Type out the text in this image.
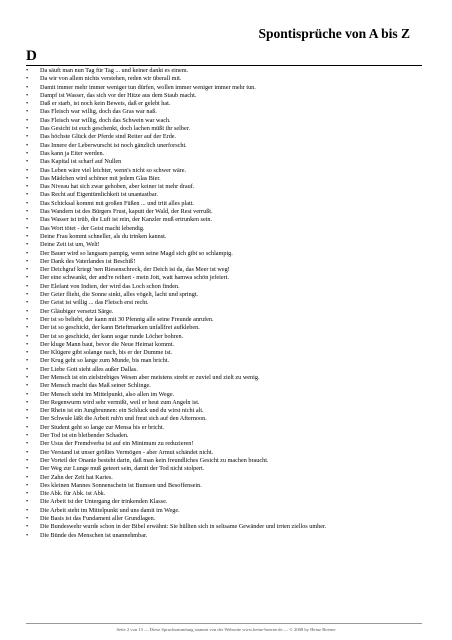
Spontisprüche von A bis Z
D
• Da säuft man nun Tag für Tag ... und keiner dankt es einem.
• Da wir von allem nichts verstehen, reden wir überall mit.
• Damit immer mehr immer weniger tun dürfen, wollen immer weniger immer mehr tun.
• Dampf ist Wasser, das sich vor der Hitze aus dem Staub macht.
• Daß er starb, ist noch kein Beweis, daß er gelebt hat.
• Das Fleisch war willig, doch das Gras war naß.
• Das Fleisch war willig, doch das Schwein war wach.
• Das Gesicht ist euch geschenkt, doch lachen müßt ihr selber.
• Das höchste Glück der Pferde sind Reiter auf der Erde.
• Das Innere der Leberwurscht ist noch gänzlich unerforscht.
• Das kann ja Eiter werden.
• Das Kapital ist scharf auf Nullen
• Das Leben wäre viel leichter, wenn's nicht so schwer wäre.
• Das Mädchen wird schöner mit jedem Glas Bier.
• Das Niveau hat sich zwar gehoben, aber keiner ist mehr drauf.
• Das Recht auf Eigentümlichkeit ist unantastbar.
• Das Schicksal kommt mit großen Füßen ... und tritt alles platt.
• Das Wandern ist des Bürgers Frust, kaputt der Wald, der Rest verrußt.
• Das Wasser ist trüb, die Luft ist rein, der Kanzler muß ertrunken sein.
• Das Wort tötet - der Geist macht lebendig.
• Deine Frau kommt schneller, als du trinken kannst.
• Deine Zeit ist um, Welt!
• Der Bauer wird so langsam pampig, wenn seine Magd sich gibt so schlampig.
• Der Dank des Vaterlandes ist Beschiß!
• Der Deichgraf kriegt 'nen Riesenschreck, der Deich ist da, das Meer ist weg!
• Der eine schwankt, der and're reihert - mein Jott, watt hamwa schön jefeiert.
• Der Elefant von Indien, der wird das Loch schon finden.
• Der Geier flieht, die Sonne sinkt, alles vögelt, lacht und springt.
• Der Geist ist willig ... das Fleisch erst recht.
• Der Gläubiger versetzt Särge.
• Der ist so beliebt, der kann mit 30 Pfennig alle seine Freunde anrufen.
• Der ist so geschickt, der kann Brieftmarken unfallfrei aufkleben.
• Der ist so geschickt, der kann sogar runde Löcher bohren.
• Der kluge Mann baut, bevor die Neue Heimat kommt.
• Der Klügere gibt solange nach, bis er der Dumme ist.
• Der Krug geht so lange zum Munde, bis man bricht.
• Der Liebe Gott sieht alles außer Dallas.
• Der Mensch ist ein zielstrebiges Wesen aber meistens strebt er zuviel und zielt zu wenig.
• Der Mensch macht das Maß seiner Schlinge.
• Der Mensch steht im Mittelpunkt, also allen im Wege.
• Der Regenwurm wird sehr vermißt, weil er heut zum Angeln ist.
• Der Rhein ist ein Jungbrunnen: ein Schluck und du wirst nicht alt.
• Der Schwule läßt die Arbeit ruh'n und freut sich auf den Afternoon.
• Der Student geht so lange zur Mensa bis er bricht.
• Der Tod ist ein bleibender Schaden.
• Der Usus der Fremdverba ist auf ein Minimum zu reduzieren!
• Der Verstand ist unser größtes Vermögen - aber Armut schändet nicht.
• Der Vorteil der Onanie besteht darin, daß man kein freundliches Gesicht zu machen braucht.
• Der Weg zur Lunge muß geteert sein, damit der Tod nicht stolpert.
• Der Zahn der Zeit hat Karies.
• Des kleinen Mannes Sonnenschein ist Bumsen und Besoffensein.
• Die Abk. für Abk. ist Abk.
• Die Arbeit ist der Untergang der trinkenden Klasse.
• Die Arbeit steht im Mittelpunkt und uns damit im Wege.
• Die Basis ist das Fundament aller Grundlagen.
• Die Bundeswehr wurde schon in der Bibel erwähnt: Sie hüllten sich in seltsame Gewänder und irrten ziellos umher.
• Die Bünde des Menschen ist unannehmbar.
Seite 2 von 13 — Diese Spruchsammlung stammt von der Webseite www.heinz-boerne.de — © 2008 by Heinz Boerne
